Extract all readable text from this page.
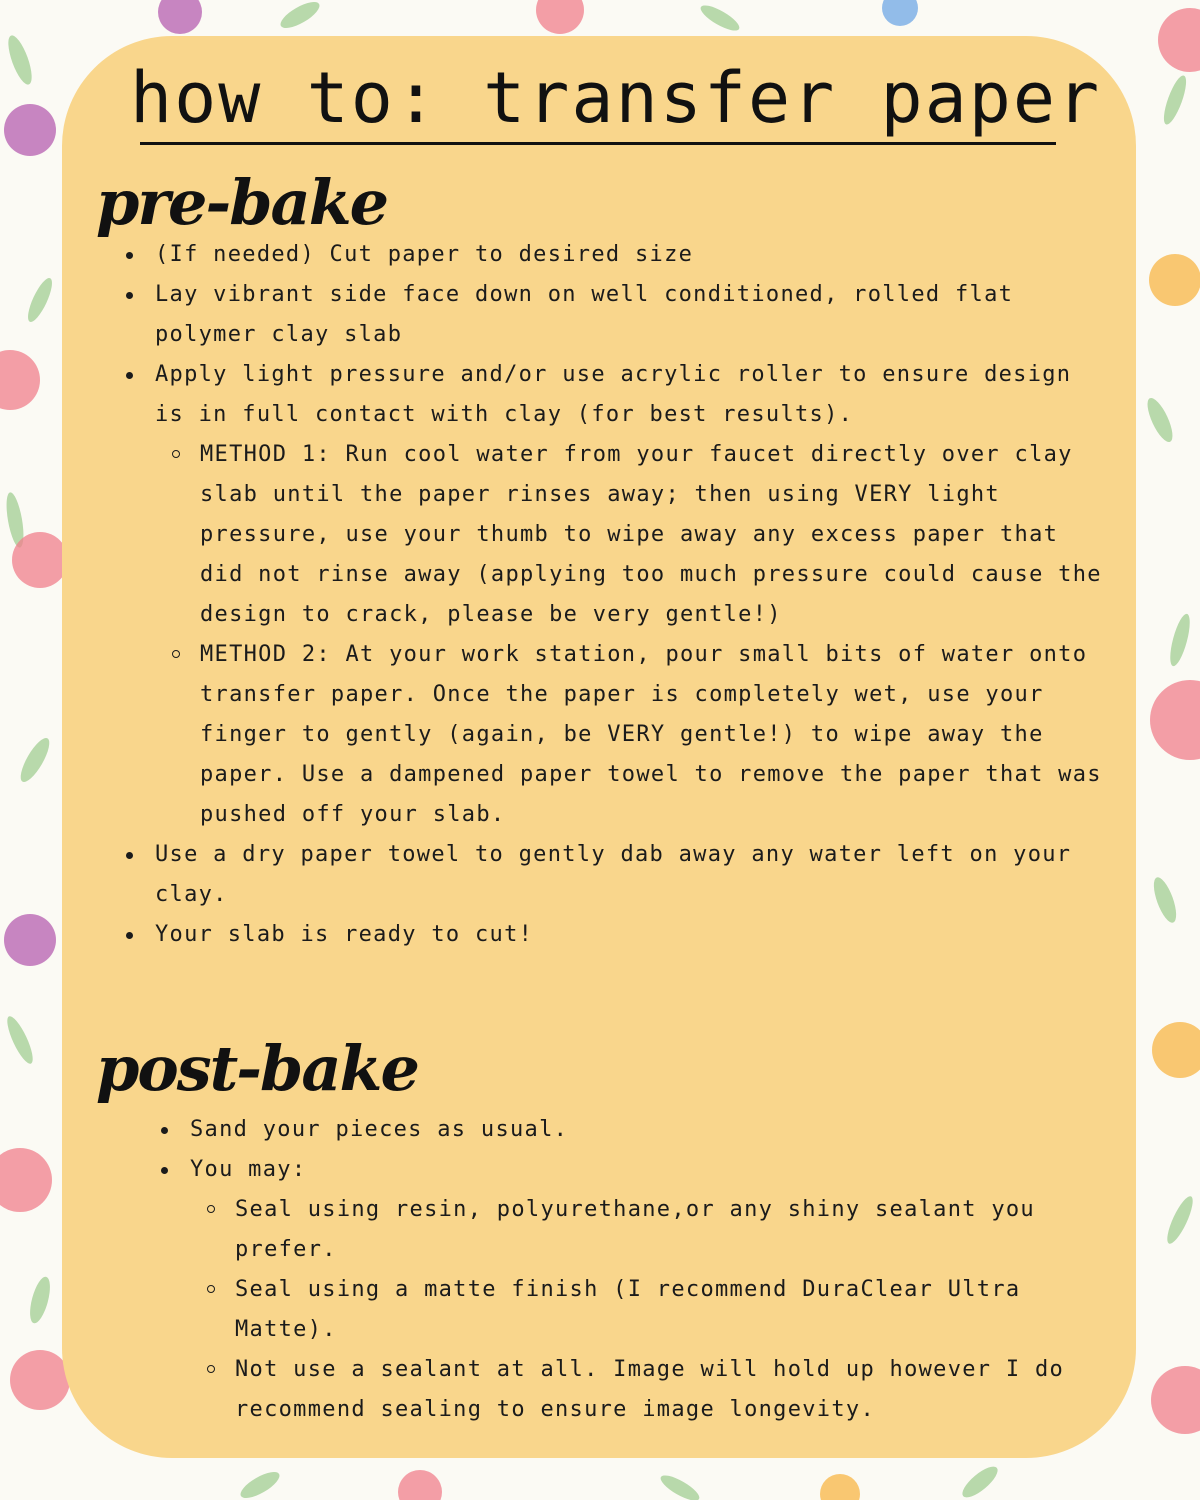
how to: transfer paper
pre-bake
(If needed) Cut paper to desired size
Lay vibrant side face down on well conditioned, rolled flat polymer clay slab
Apply light pressure and/or use acrylic roller to ensure design is in full contact with clay (for best results).
METHOD 1: Run cool water from your faucet directly over clay slab until the paper rinses away; then using VERY light pressure, use your thumb to wipe away any excess paper that did not rinse away (applying too much pressure could cause the design to crack, please be very gentle!)
METHOD 2: At your work station, pour small bits of water onto transfer paper. Once the paper is completely wet, use your finger to gently (again, be VERY gentle!) to wipe away the paper. Use a dampened paper towel to remove the paper that was pushed off your slab.
Use a dry paper towel to gently dab away any water left on your clay.
Your slab is ready to cut!
post-bake
Sand your pieces as usual.
You may:
Seal using resin, polyurethane,or any shiny sealant you prefer.
Seal using a matte finish (I recommend DuraClear Ultra Matte).
Not use a sealant at all. Image will hold up however I do recommend sealing to ensure image longevity.
